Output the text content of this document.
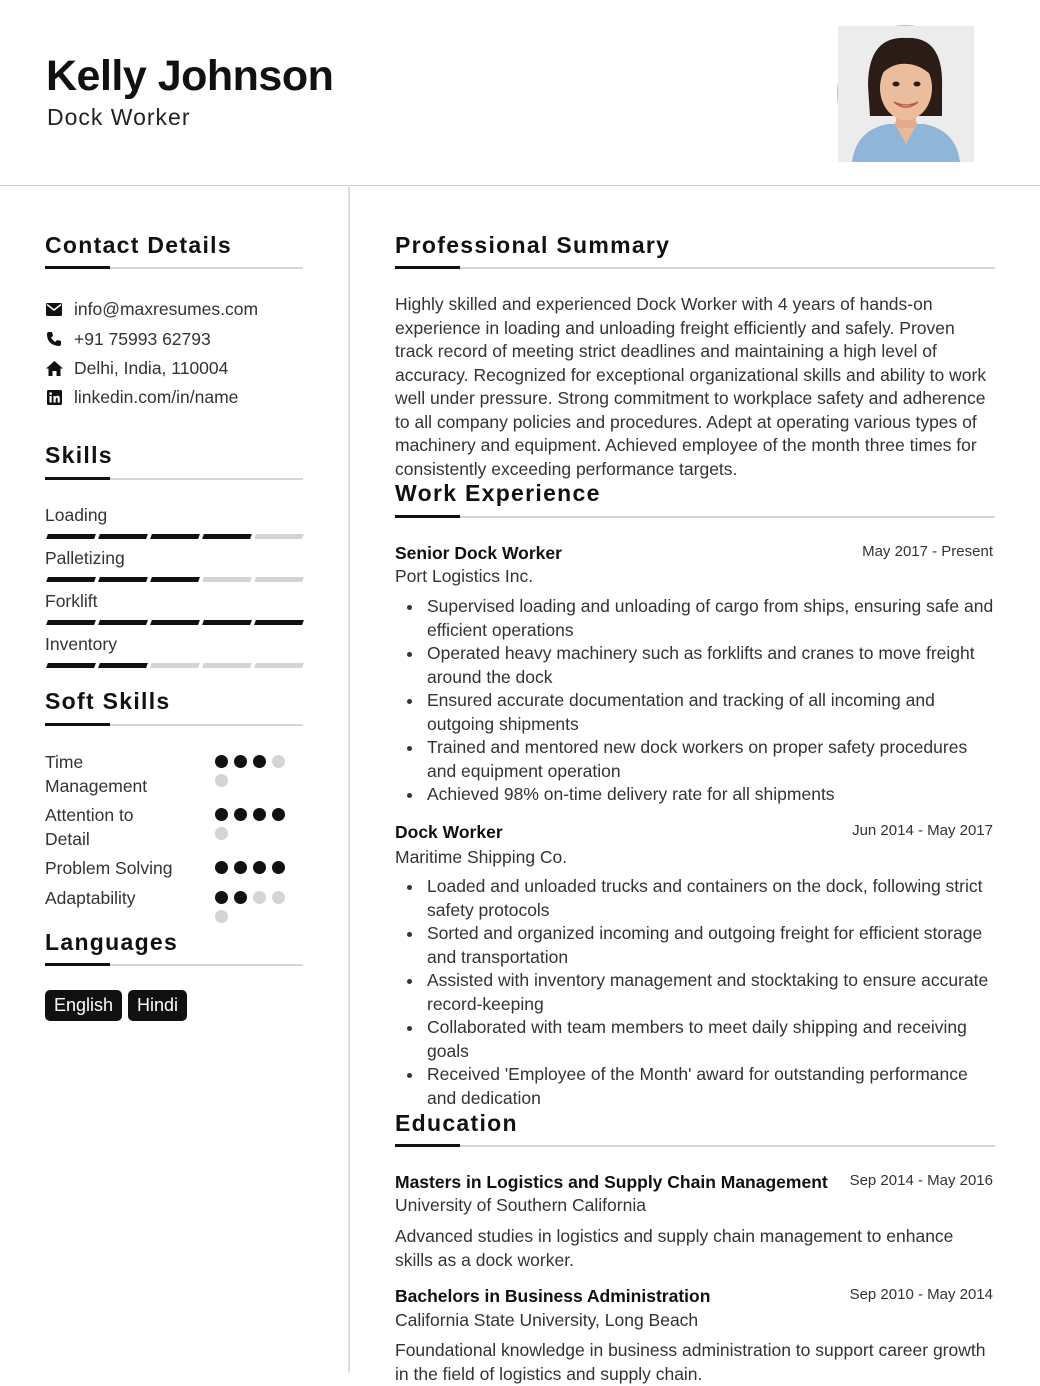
Kelly Johnson
Dock Worker
Contact Details
info@maxresumes.com
+91 75993 62793
Delhi, India, 110004
linkedin.com/in/name
Skills
Loading
Palletizing
Forklift
Inventory
Soft Skills
Time Management
Attention to Detail
Problem Solving
Adaptability
Languages
English	Hindi
Professional Summary
Highly skilled and experienced Dock Worker with 4 years of hands-on experience in loading and unloading freight efficiently and safely. Proven track record of meeting strict deadlines and maintaining a high level of accuracy. Recognized for exceptional organizational skills and ability to work well under pressure. Strong commitment to workplace safety and adherence to all company policies and procedures. Adept at operating various types of machinery and equipment. Achieved employee of the month three times for consistently exceeding performance targets.
Work Experience
Senior Dock Worker	May 2017 - Present
Port Logistics Inc.
Supervised loading and unloading of cargo from ships, ensuring safe and efficient operations
Operated heavy machinery such as forklifts and cranes to move freight around the dock
Ensured accurate documentation and tracking of all incoming and outgoing shipments
Trained and mentored new dock workers on proper safety procedures and equipment operation
Achieved 98% on-time delivery rate for all shipments
Dock Worker	Jun 2014 - May 2017
Maritime Shipping Co.
Loaded and unloaded trucks and containers on the dock, following strict safety protocols
Sorted and organized incoming and outgoing freight for efficient storage and transportation
Assisted with inventory management and stocktaking to ensure accurate record-keeping
Collaborated with team members to meet daily shipping and receiving goals
Received 'Employee of the Month' award for outstanding performance and dedication
Education
Masters in Logistics and Supply Chain Management Sep 2014 - May 2016
University of Southern California
Advanced studies in logistics and supply chain management to enhance skills as a dock worker.
Bachelors in Business Administration	Sep 2010 - May 2014
California State University, Long Beach
Foundational knowledge in business administration to support career growth in the field of logistics and supply chain.
